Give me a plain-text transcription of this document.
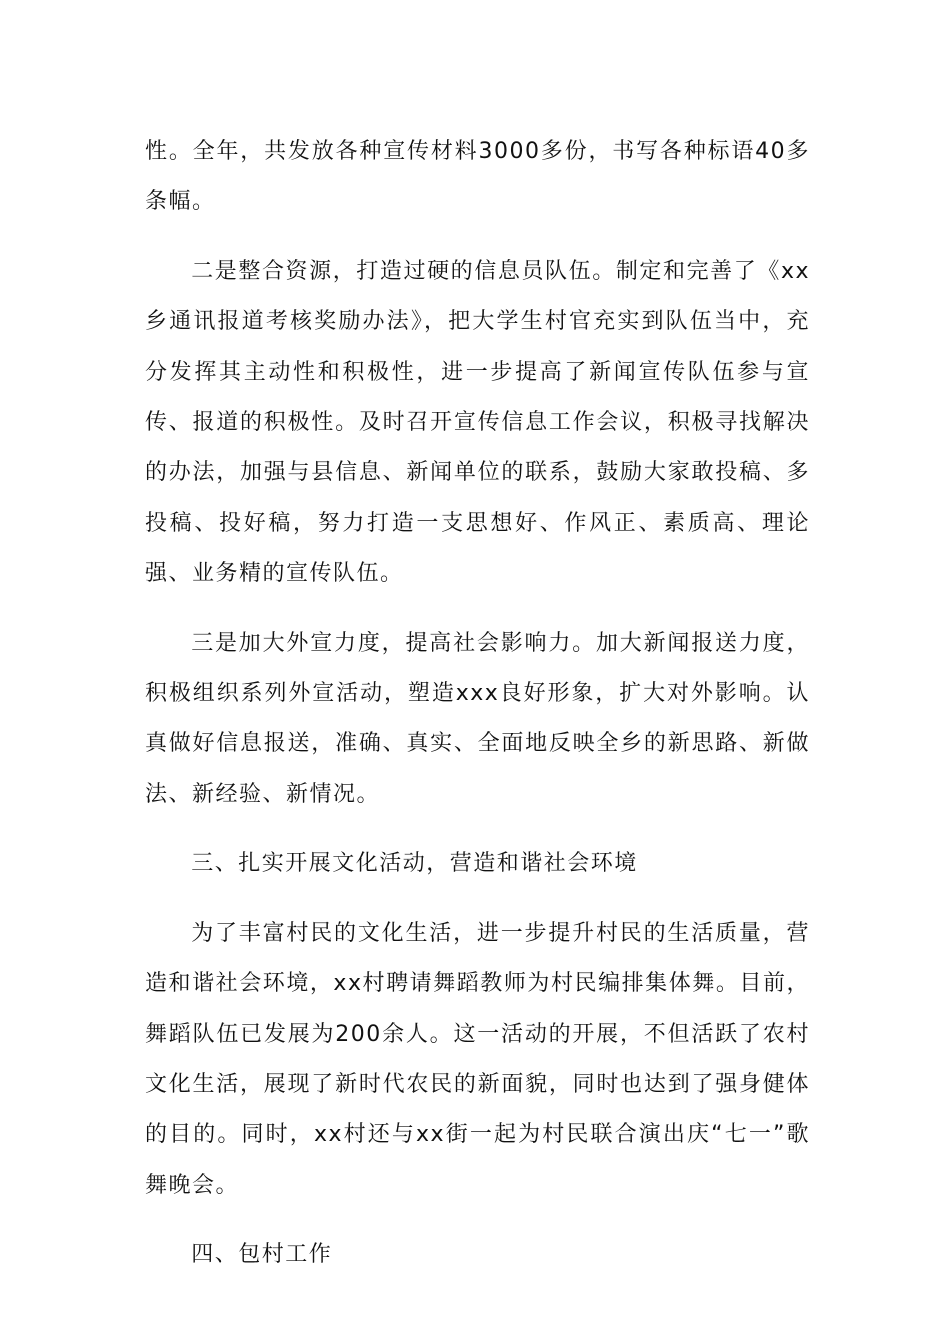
性。全年，共发放各种宣传材料3000多份，书写各种标语40多条幅。

二是整合资源，打造过硬的信息员队伍。制定和完善了《xx乡通讯报道考核奖励办法》，把大学生村官充实到队伍当中，充分发挥其主动性和积极性，进一步提高了新闻宣传队伍参与宣传、报道的积极性。及时召开宣传信息工作会议，积极寻找解决的办法，加强与县信息、新闻单位的联系，鼓励大家敢投稿、多投稿、投好稿，努力打造一支思想好、作风正、素质高、理论强、业务精的宣传队伍。

三是加大外宣力度，提高社会影响力。加大新闻报送力度，积极组织系列外宣活动，塑造xxx良好形象，扩大对外影响。认真做好信息报送，准确、真实、全面地反映全乡的新思路、新做法、新经验、新情况。

三、扎实开展文化活动，营造和谐社会环境

为了丰富村民的文化生活，进一步提升村民的生活质量，营造和谐社会环境，xx村聘请舞蹈教师为村民编排集体舞。目前，舞蹈队伍已发展为200余人。这一活动的开展，不但活跃了农村文化生活，展现了新时代农民的新面貌，同时也达到了强身健体的目的。同时，xx村还与xx街一起为村民联合演出庆“七一”歌舞晚会。

四、包村工作
